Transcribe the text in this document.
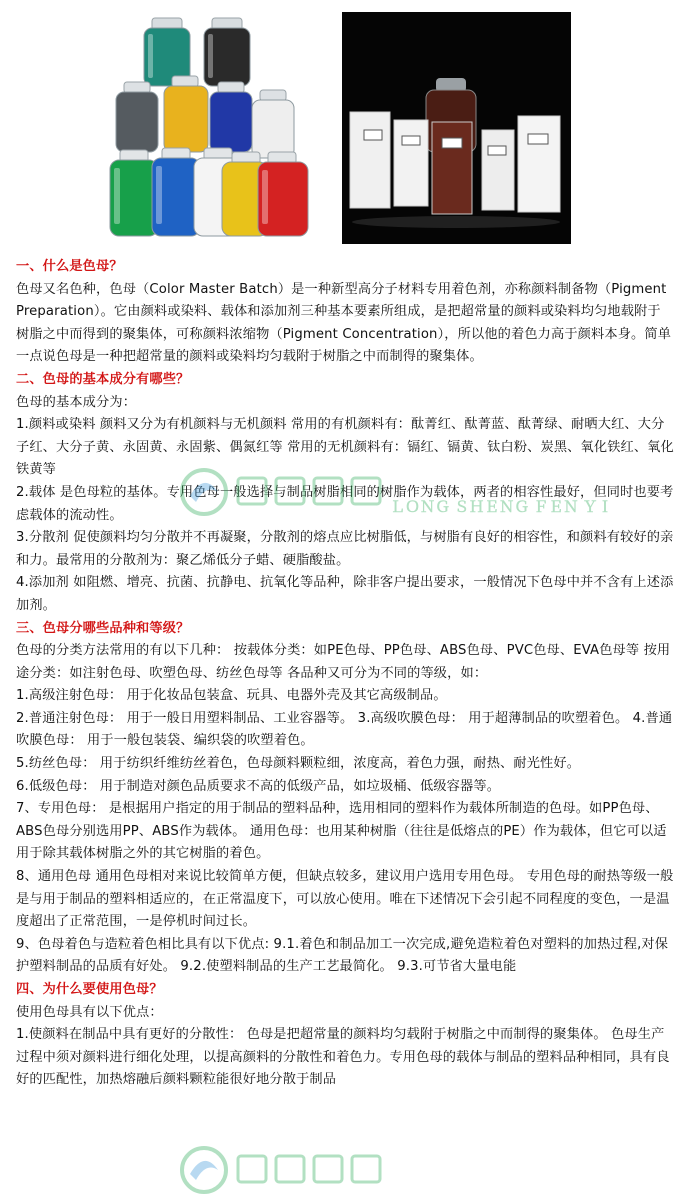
一、什么是色母？

色母又名色种，色母（Color Master Batch）是一种新型高分子材料专用着色剂，亦称颜料制备物（Pigment Preparation）。它由颜料或染料、载体和添加剂三种基本要素所组成，是把超常量的颜料或染料均匀地载附于树脂之中而得到的聚集体，可称颜料浓缩物（Pigment Concentration），所以他的着色力高于颜料本身。简单一点说色母是一种把超常量的颜料或染料均匀载附于树脂之中而制得的聚集体。

二、色母的基本成分有哪些？

色母的基本成分为：

1.颜料或染料 颜料又分为有机颜料与无机颜料 常用的有机颜料有：酞菁红、酞菁蓝、酞菁绿、耐晒大红、大分子红、大分子黄、永固黄、永固紫、偶氮红等 常用的无机颜料有：镉红、镉黄、钛白粉、炭黑、氧化铁红、氧化铁黄等

2.载体 是色母粒的基体。专用色母一般选择与制品树脂相同的树脂作为载体，两者的相容性最好，但同时也要考虑载体的流动性。

3.分散剂 促使颜料均匀分散并不再凝聚，分散剂的熔点应比树脂低，与树脂有良好的相容性，和颜料有较好的亲和力。最常用的分散剂为：聚乙烯低分子蜡、硬脂酸盐。

4.添加剂 如阻燃、增亮、抗菌、抗静电、抗氧化等品种，除非客户提出要求，一般情况下色母中并不含有上述添加剂。

三、色母分哪些品种和等级？

色母的分类方法常用的有以下几种： 按载体分类：如PE色母、PP色母、ABS色母、PVC色母、EVA色母等 按用途分类：如注射色母、吹塑色母、纺丝色母等 各品种又可分为不同的等级，如：

1.高级注射色母： 用于化妆品包装盒、玩具、电器外壳及其它高级制品。

2.普通注射色母： 用于一般日用塑料制品、工业容器等。 3.高级吹膜色母： 用于超薄制品的吹塑着色。 4.普通吹膜色母： 用于一般包装袋、编织袋的吹塑着色。

5.纺丝色母： 用于纺织纤维纺丝着色，色母颜料颗粒细，浓度高，着色力强，耐热、耐光性好。

6.低级色母： 用于制造对颜色品质要求不高的低级产品，如垃圾桶、低级容器等。

7、专用色母： 是根据用户指定的用于制品的塑料品种，选用相同的塑料作为载体所制造的色母。如PP色母、ABS色母分别选用PP、ABS作为载体。 通用色母：也用某种树脂（往往是低熔点的PE）作为载体，但它可以适用于除其载体树脂之外的其它树脂的着色。

8、通用色母 通用色母相对来说比较简单方便，但缺点较多，建议用户选用专用色母。 专用色母的耐热等级一般是与用于制品的塑料相适应的，在正常温度下，可以放心使用。唯在下述情况下会引起不同程度的变色，一是温度超出了正常范围，一是停机时间过长。

9、色母着色与造粒着色相比具有以下优点: 9.1.着色和制品加工一次完成,避免造粒着色对塑料的加热过程,对保护塑料制品的品质有好处。 9.2.使塑料制品的生产工艺最简化。 9.3.可节省大量电能

四、为什么要使用色母？

使用色母具有以下优点：

1.使颜料在制品中具有更好的分散性： 色母是把超常量的颜料均匀载附于树脂之中而制得的聚集体。 色母生产过程中须对颜料进行细化处理，以提高颜料的分散性和着色力。专用色母的载体与制品的塑料品种相同，具有良好的匹配性，加热熔融后颜料颗粒能很好地分散于制品

ＬＯＮＧ ＳＨＥＮＧ ＦＥＮ ＹＩ
